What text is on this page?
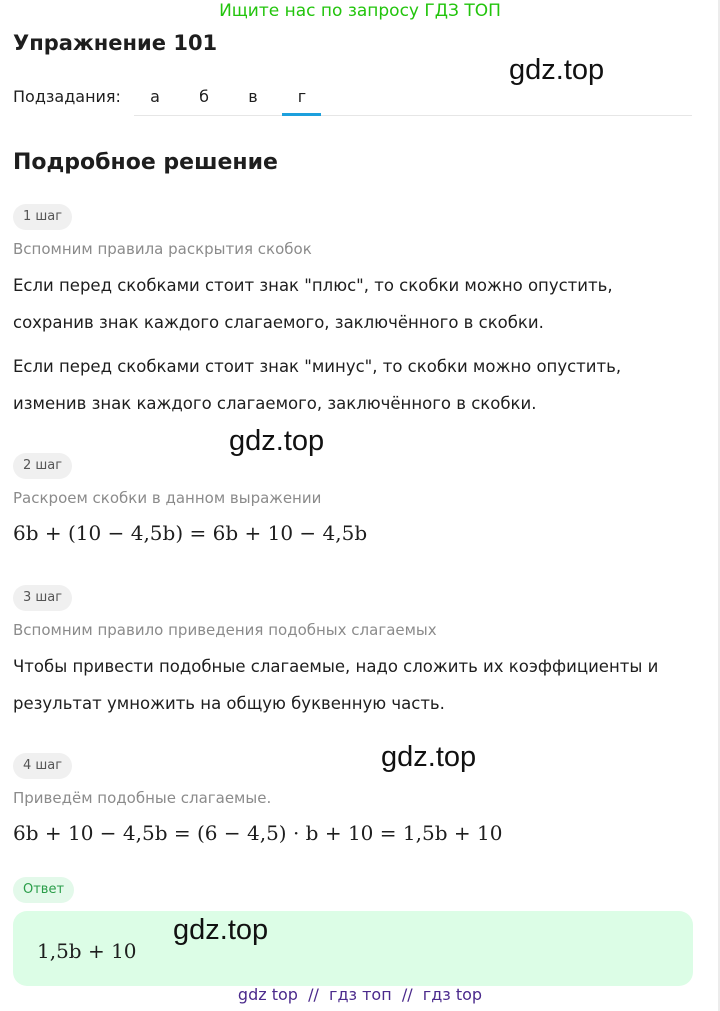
Ищите нас по запросу ГДЗ ТОП
Упражнение 101
gdz.top
Подзадания:	а	б	в	г
Подробное решение
1 шаг
Вспомним правила раскрытия скобок
Если перед скобками стоит знак "плюс", то скобки можно опустить, сохранив знак каждого слагаемого, заключённого в скобки.
Если перед скобками стоит знак "минус", то скобки можно опустить, изменив знак каждого слагаемого, заключённого в скобки.
gdz.top
2 шаг
Раскроем скобки в данном выражении
6b + (10 − 4,5b) = 6b + 10 − 4,5b
3 шаг
Вспомним правило приведения подобных слагаемых
Чтобы привести подобные слагаемые, надо сложить их коэффициенты и результат умножить на общую буквенную часть.
gdz.top
4 шаг
Приведём подобные слагаемые.
6b + 10 − 4,5b = (6 − 4,5) · b + 10 = 1,5b + 10
Ответ
1,5b + 10
gdz.top
gdz top  //  гдз топ  //  гдз top
